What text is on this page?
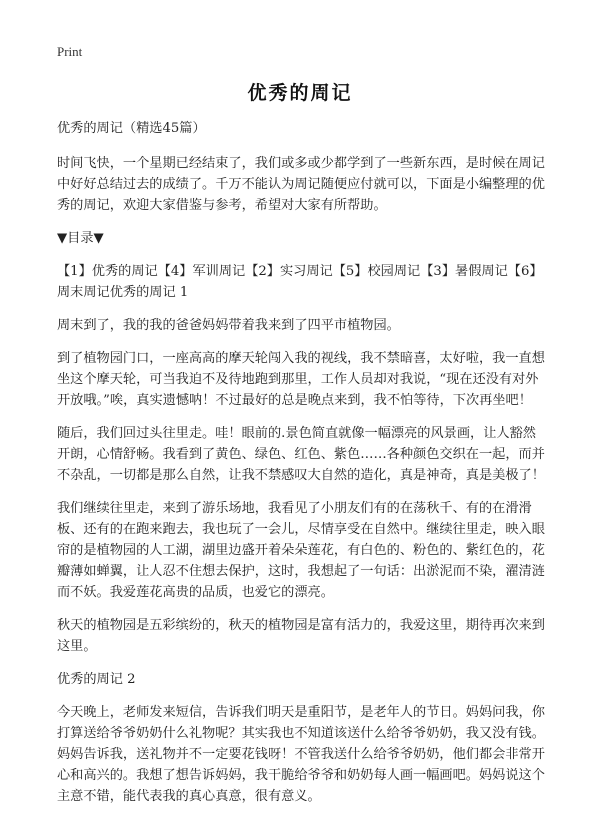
Print
优秀的周记

优秀的周记（精选45篇）

时间飞快，一个星期已经结束了，我们或多或少都学到了一些新东西，是时候在周记中好好总结过去的成绩了。千万不能认为周记随便应付就可以，下面是小编整理的优秀的周记，欢迎大家借鉴与参考，希望对大家有所帮助。

▼目录▼

【1】优秀的周记【4】军训周记【2】实习周记【5】校园周记【3】暑假周记【6】周末周记优秀的周记 1

周末到了，我的我的爸爸妈妈带着我来到了四平市植物园。

到了植物园门口，一座高高的摩天轮闯入我的视线，我不禁暗喜，太好啦，我一直想坐这个摩天轮，可当我迫不及待地跑到那里，工作人员却对我说，“现在还没有对外开放哦。”唉，真实遗憾呐！不过最好的总是晚点来到，我不怕等待，下次再坐吧！

随后，我们回过头往里走。哇！眼前的.景色简直就像一幅漂亮的风景画，让人豁然开朗，心情舒畅。我看到了黄色、绿色、红色、紫色……各种颜色交织在一起，而并不杂乱，一切都是那么自然，让我不禁感叹大自然的造化，真是神奇，真是美极了！

我们继续往里走，来到了游乐场地，我看见了小朋友们有的在荡秋千、有的在滑滑板、还有的在跑来跑去，我也玩了一会儿，尽情享受在自然中。继续往里走，映入眼帘的是植物园的人工湖，湖里边盛开着朵朵莲花，有白色的、粉色的、紫红色的，花瓣薄如蝉翼，让人忍不住想去保护，这时，我想起了一句话：出淤泥而不染，濯清涟而不妖。我爱莲花高贵的品质，也爱它的漂亮。

秋天的植物园是五彩缤纷的，秋天的植物园是富有活力的，我爱这里，期待再次来到这里。

优秀的周记 2

今天晚上，老师发来短信，告诉我们明天是重阳节，是老年人的节日。妈妈问我，你打算送给爷爷奶奶什么礼物呢？其实我也不知道该送什么给爷爷奶奶，我又没有钱。妈妈告诉我，送礼物并不一定要花钱呀！不管我送什么给爷爷奶奶，他们都会非常开心和高兴的。我想了想告诉妈妈，我干脆给爷爷和奶奶每人画一幅画吧。妈妈说这个主意不错，能代表我的真心真意，很有意义。
